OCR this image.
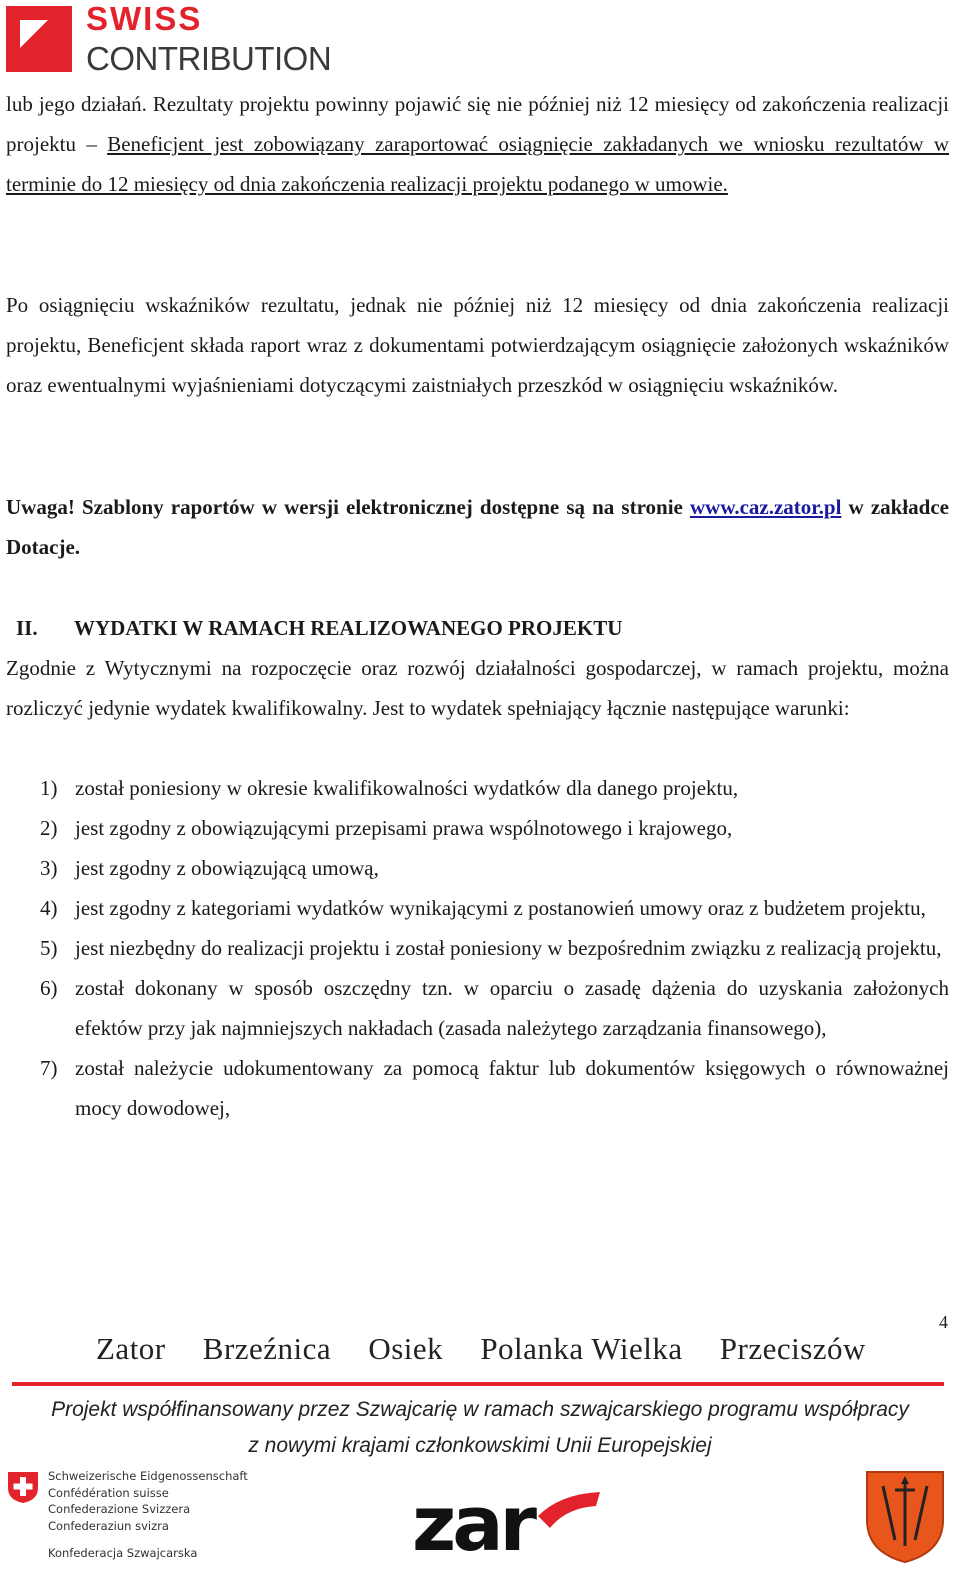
SWISS
CONTRIBUTION
lub jego działań. Rezultaty projektu powinny pojawić się nie później niż 12 miesięcy od zakończenia realizacji projektu – Beneficjent jest zobowiązany zaraportować osiągnięcie zakładanych we wniosku rezultatów w terminie do 12 miesięcy od dnia zakończenia realizacji projektu podanego w umowie.
Po osiągnięciu wskaźników rezultatu, jednak nie później niż 12 miesięcy od dnia zakończenia realizacji projektu, Beneficjent składa raport wraz z dokumentami potwierdzającym osiągnięcie założonych wskaźników oraz ewentualnymi wyjaśnieniami dotyczącymi zaistniałych przeszkód w osiągnięciu wskaźników.
Uwaga! Szablony raportów w wersji elektronicznej dostępne są na stronie www.caz.zator.pl w zakładce Dotacje.
II. WYDATKI W RAMACH REALIZOWANEGO PROJEKTU
Zgodnie z Wytycznymi na rozpoczęcie oraz rozwój działalności gospodarczej, w ramach projektu, można rozliczyć jedynie wydatek kwalifikowalny. Jest to wydatek spełniający łącznie następujące warunki:
1) został poniesiony w okresie kwalifikowalności wydatków dla danego projektu,
2) jest zgodny z obowiązującymi przepisami prawa wspólnotowego i krajowego,
3) jest zgodny z obowiązującą umową,
4) jest zgodny z kategoriami wydatków wynikającymi z postanowień umowy oraz z budżetem projektu,
5) jest niezbędny do realizacji projektu i został poniesiony w bezpośrednim związku z realizacją projektu,
6) został dokonany w sposób oszczędny tzn. w oparciu o zasadę dążenia do uzyskania założonych efektów przy jak najmniejszych nakładach (zasada należytego zarządzania finansowego),
7) został należycie udokumentowany za pomocą faktur lub dokumentów księgowych o równoważnej mocy dowodowej,
4
Zator Brzeźnica Osiek Polanka Wielka Przeciszów
Projekt współfinansowany przez Szwajcarię w ramach szwajcarskiego programu współpracy
z nowymi krajami członkowskimi Unii Europejskiej
Schweizerische Eidgenossenschaft
Confédération suisse
Confederazione Svizzera
Confederaziun svizra
Konfederacja Szwajcarska	zar
